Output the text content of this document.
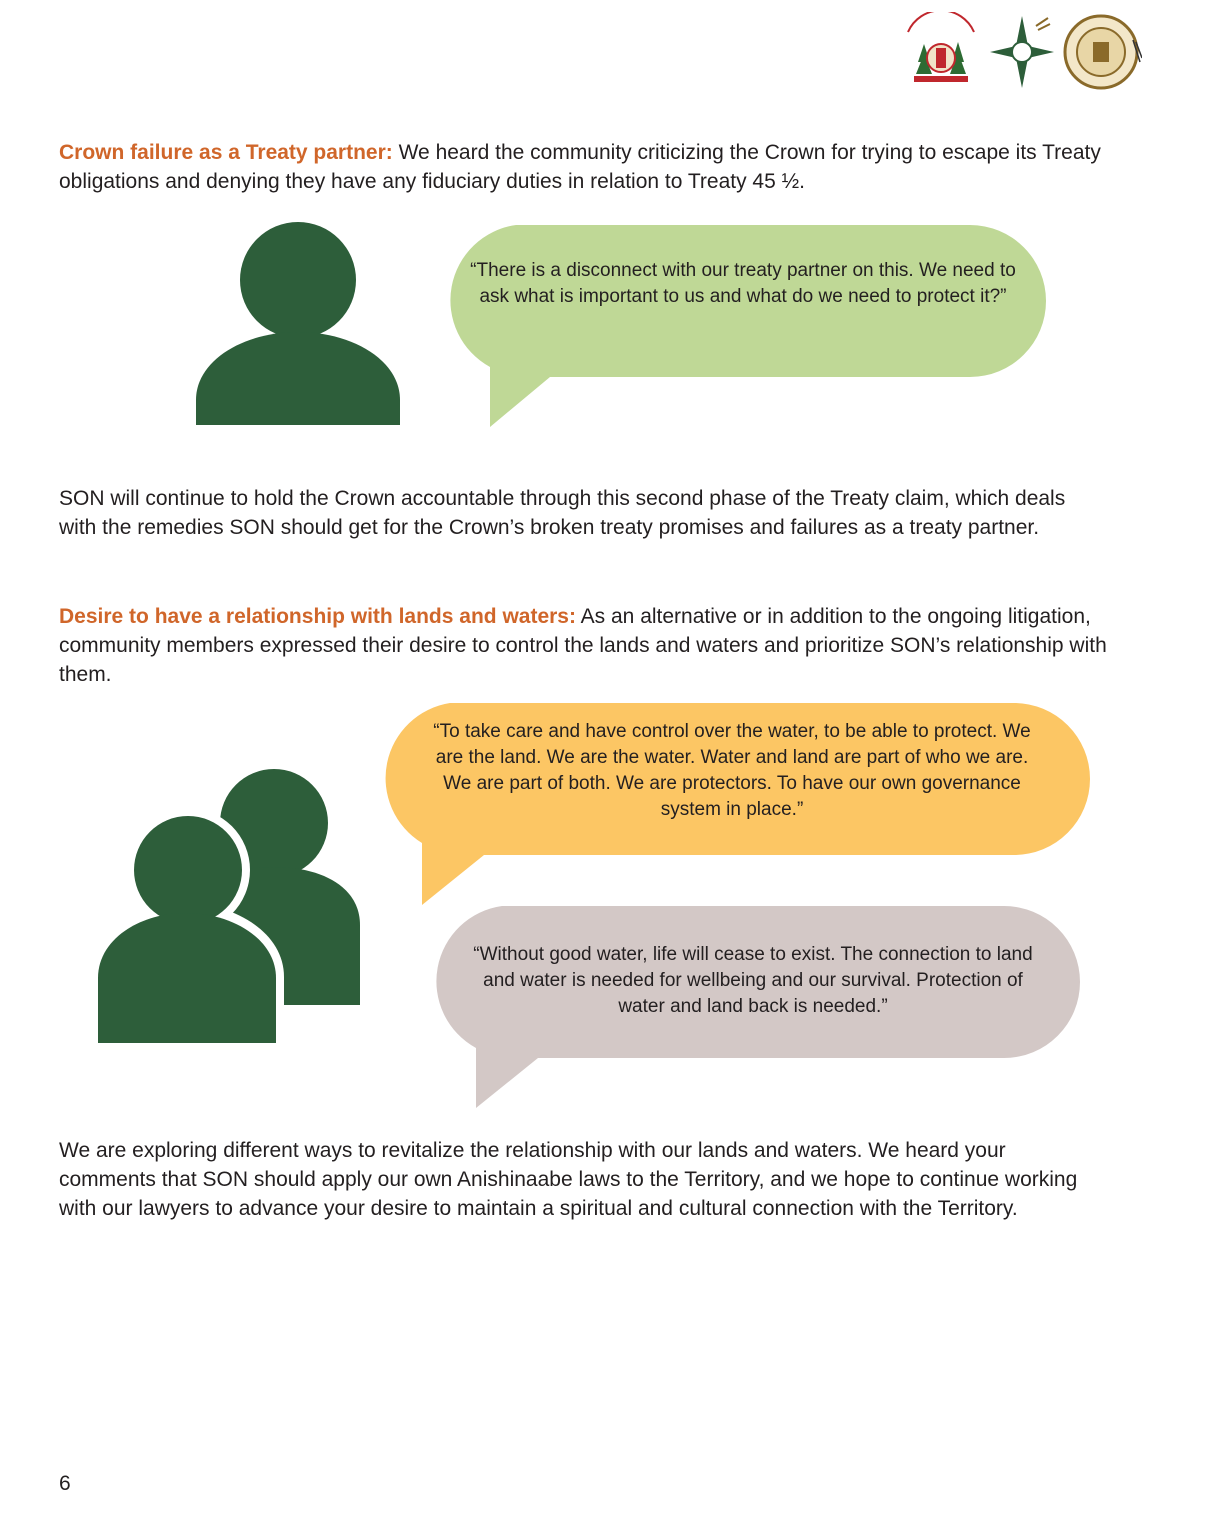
Crown failure as a Treaty partner: We heard the community criticizing the Crown for trying to escape its Treaty obligations and denying they have any fiduciary duties in relation to Treaty 45 ½.

“There is a disconnect with our treaty partner on this. We need to ask what is important to us and what do we need to protect it?”

SON will continue to hold the Crown accountable through this second phase of the Treaty claim, which deals with the remedies SON should get for the Crown’s broken treaty promises and failures as a treaty partner.

Desire to have a relationship with lands and waters: As an alternative or in addition to the ongoing litigation, community members expressed their desire to control the lands and waters and prioritize SON’s relationship with them.

“To take care and have control over the water, to be able to protect. We are the land. We are the water. Water and land are part of who we are. We are part of both. We are protectors. To have our own governance system in place.”

“Without good water, life will cease to exist. The connection to land and water is needed for wellbeing and our survival. Protection of water and land back is needed.”

We are exploring different ways to revitalize the relationship with our lands and waters. We heard your comments that SON should apply our own Anishinaabe laws to the Territory, and we hope to continue working with our lawyers to advance your desire to maintain a spiritual and cultural connection with the Territory.

6
